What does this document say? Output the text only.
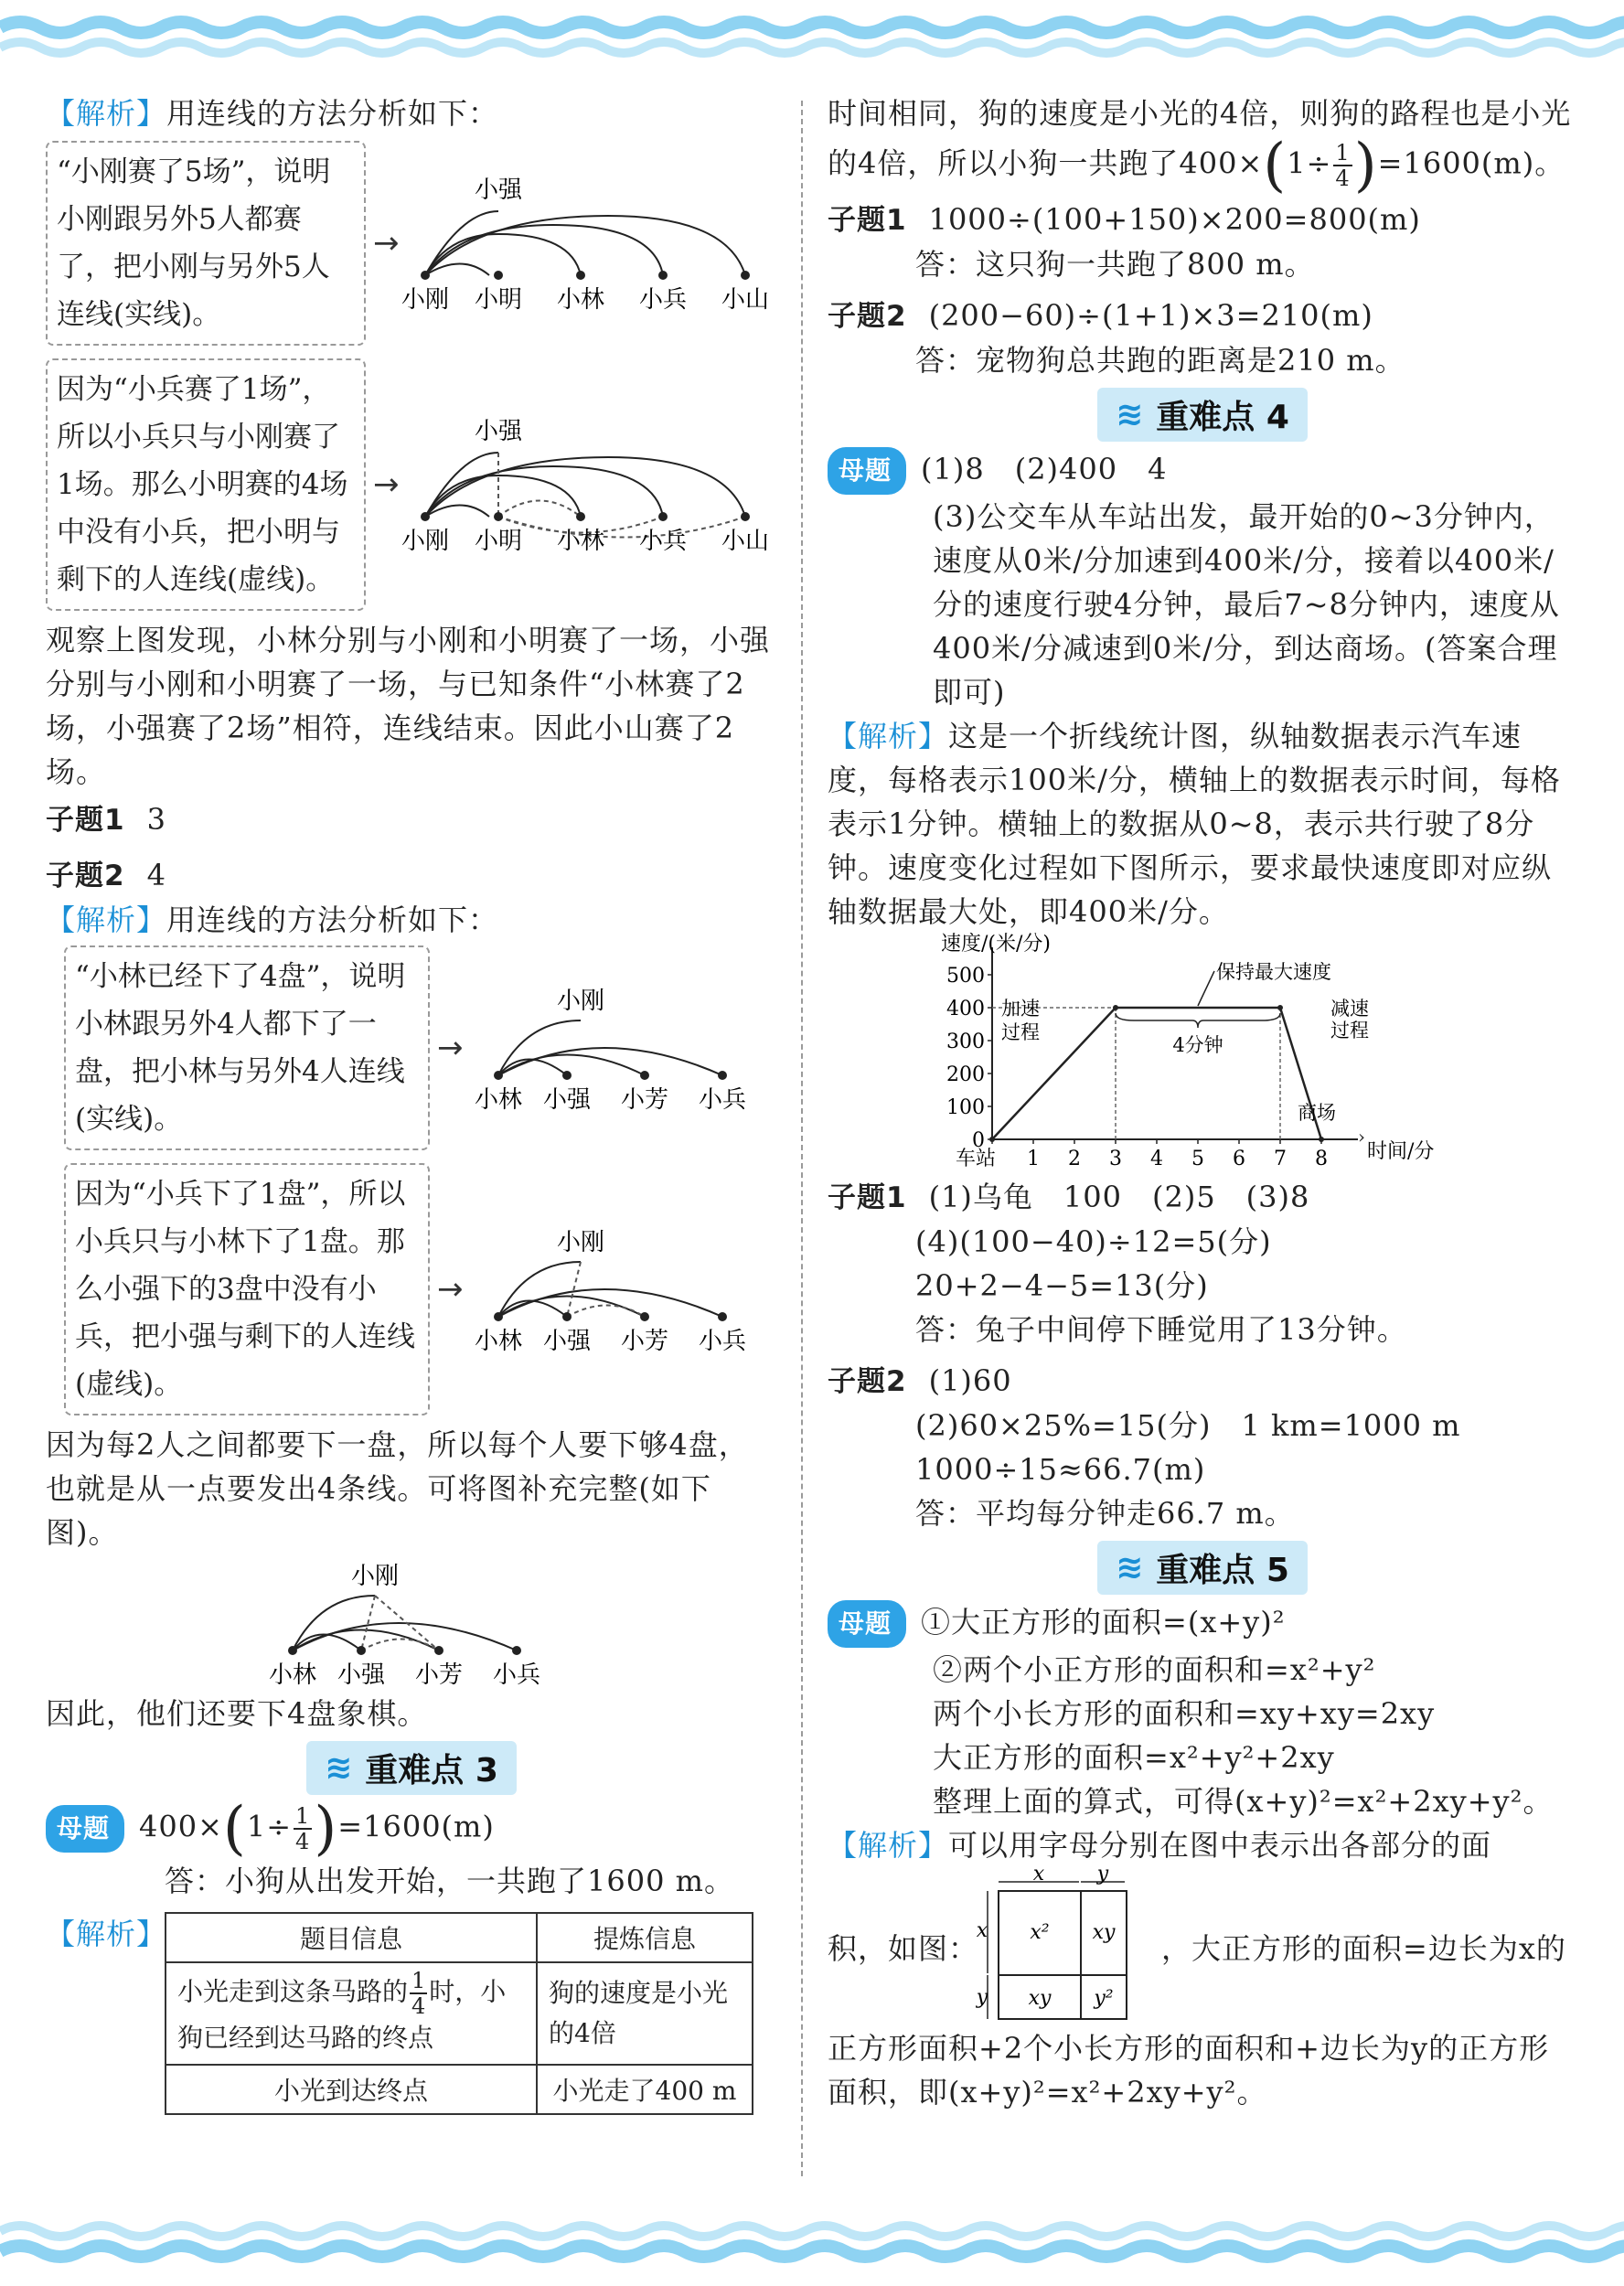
【解析】用连线的方法分析如下：

“小刚赛了5场”，说明小刚跟另外5人都赛了，把小刚与另外5人连线(实线)。
→
小强
小刚 小明 小林 小兵 小山
因为“小兵赛了1场”，所以小兵只与小刚赛了1场。那么小明赛的4场中没有小兵，把小明与剩下的人连线(虚线)。
→
小强
小刚 小明 小林 小兵 小山

观察上图发现，小林分别与小刚和小明赛了一场，小强分别与小刚和小明赛了一场，与已知条件“小林赛了2场，小强赛了2场”相符，连线结束。因此小山赛了2场。

子题1 3

子题2 4

【解析】用连线的方法分析如下：

“小林已经下了4盘”，说明小林跟另外4人都下了一盘，把小林与另外4人连线(实线)。
→
小刚
小林 小强 小芳 小兵
因为“小兵下了1盘”，所以小兵只与小林下了1盘。那么小强下的3盘中没有小兵，把小强与剩下的人连线(虚线)。
→
小刚
小林 小强 小芳 小兵

因为每2人之间都要下一盘，所以每个人要下够4盘，也就是从一点要发出4条线。可将图补充完整(如下图)。

小刚
小林 小强 小芳 小兵

因此，他们还要下4盘象棋。

≋ 重难点 3

母题 $400\times(1\div \frac{1}{4} )=1600(m)$

答：小狗从出发开始，一共跑了1600 m。

【解析】	题目信息	提炼信息
小光走到这条马路的 $\frac{1}{4}$ 时，小狗已经到达马路的终点	狗的速度是小光的4倍
小光到达终点	小光走了400 m

时间相同，狗的速度是小光的4倍，则狗的路程也是小光

的4倍，所以小狗一共跑了$400\times(1\div \frac{1}{4} )=1600(m)$。

子题1 1000÷(100+150)×200=800(m)

答：这只狗一共跑了800 m。

子题2 (200−60)÷(1+1)×3=210(m)

答：宠物狗总共跑的距离是210 m。

≋ 重难点 4

母题 (1)8　(2)400　4

(3)公交车从车站出发，最开始的0~3分钟内，速度从0米/分加速到400米/分，接着以400米/分的速度行驶4分钟，最后7~8分钟内，速度从400米/分减速到0米/分，到达商场。(答案合理即可)

【解析】这是一个折线统计图，纵轴数据表示汽车速度，每格表示100米/分，横轴上的数据表示时间，每格表示1分钟。横轴上的数据从0~8，表示共行驶了8分钟。速度变化过程如下图所示，要求最快速度即对应纵轴数据最大处，即400米/分。

›
速度/(米/分)
时间/分
0
100
200
300
400
500
车站 1 2 3 4 5 6 7 8
加速
过程
保持最大速度
4分钟
减速
过程
商场

子题1 (1)乌龟　100　(2)5　(3)8

(4)(100−40)÷12=5(分)

20+2−4−5=13(分)

答：兔子中间停下睡觉用了13分钟。

子题2 (1)60

(2)60×25%=15(分)　1 km=1000 m

1000÷15≈66.7(m)

答：平均每分钟走66.7 m。

≋ 重难点 5

母题 ①大正方形的面积=(x+y)²

②两个小正方形的面积和=x²+y²

两个小长方形的面积和=xy+xy=2xy

大正方形的面积=x²+y²+2xy

整理上面的算式，可得(x+y)²=x²+2xy+y²。

【解析】可以用字母分别在图中表示出各部分的面

积，如图：
x	y
x
y
x² xy
xy y²
，大正方形的面积=边长为x的

正方形面积+2个小长方形的面积和+边长为y的正方形面积，即(x+y)²=x²+2xy+y²。
